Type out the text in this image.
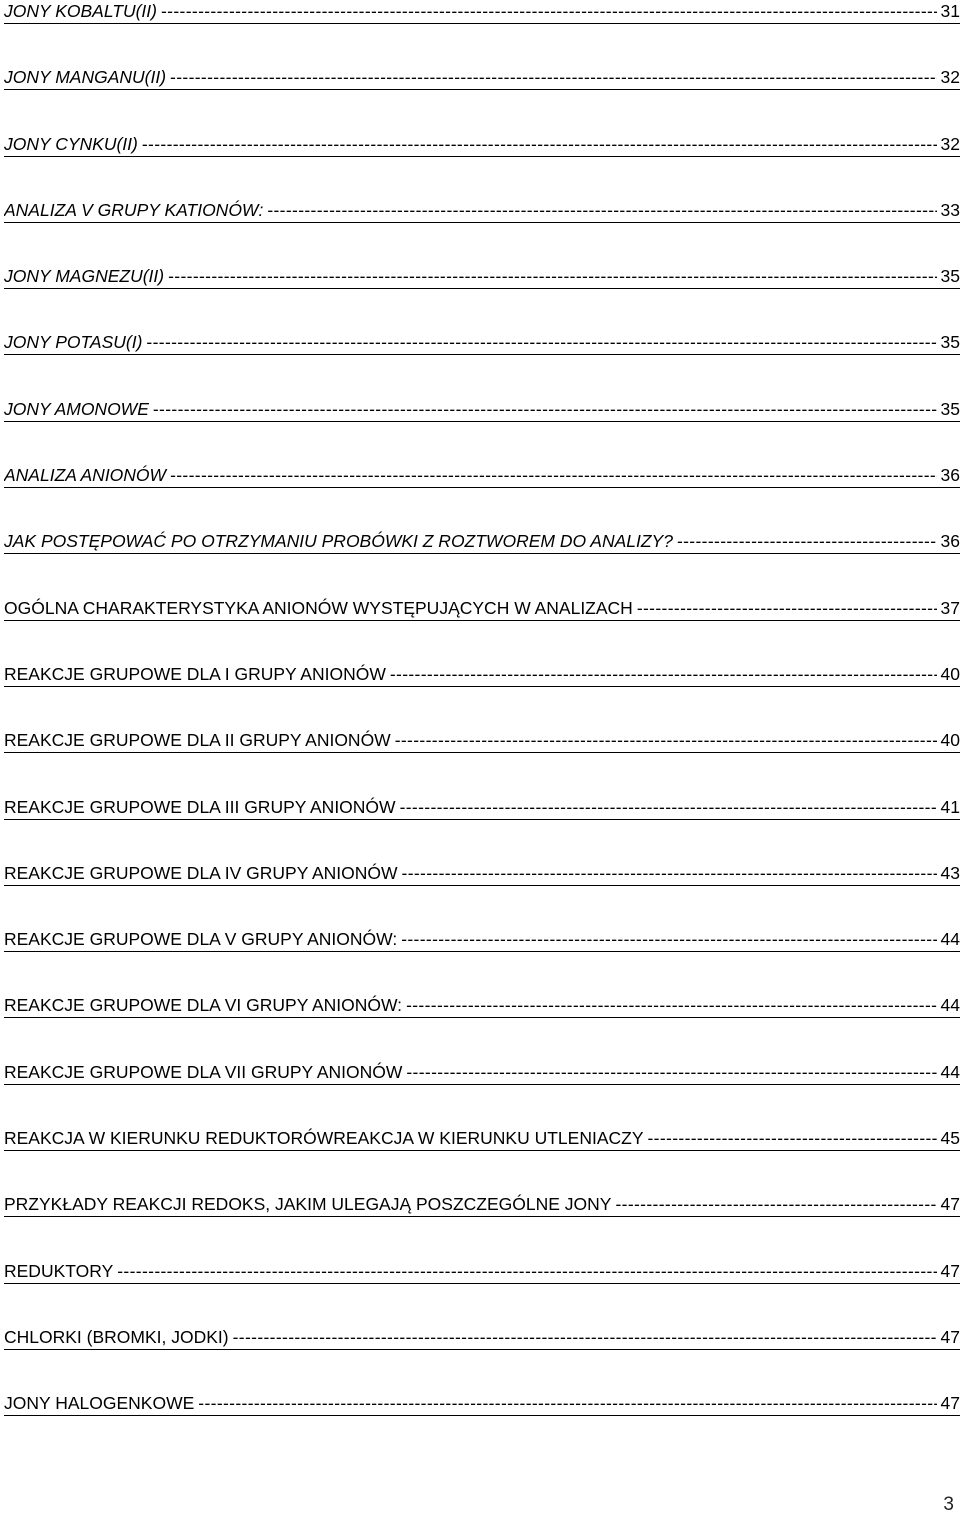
JONY KOBALTU(II) -----	31
JONY MANGANU(II) -----	32
JONY CYNKU(II) -----	32
ANALIZA V GRUPY KATIONÓW: -----	33
JONY MAGNEZU(II) -----	35
JONY POTASU(I) -----	35
JONY AMONOWE -----	35
ANALIZA ANIONÓW -----	36
JAK POSTĘPOWAĆ PO OTRZYMANIU PROBÓWKI Z ROZTWOREM DO ANALIZY? -----	36
OGÓLNA CHARAKTERYSTYKA ANIONÓW WYSTĘPUJĄCYCH W ANALIZACH -----	37
REAKCJE GRUPOWE DLA I GRUPY ANIONÓW -----	40
REAKCJE GRUPOWE DLA II GRUPY ANIONÓW -----	40
REAKCJE GRUPOWE DLA III GRUPY ANIONÓW -----	41
REAKCJE GRUPOWE DLA IV GRUPY ANIONÓW -----	43
REAKCJE GRUPOWE DLA V GRUPY ANIONÓW: -----	44
REAKCJE GRUPOWE DLA VI GRUPY ANIONÓW: -----	44
REAKCJE GRUPOWE DLA VII GRUPY ANIONÓW -----	44
REAKCJA W KIERUNKU REDUKTORÓWREAKCJA W KIERUNKU UTLENIACZY -----	45
PRZYKŁADY REAKCJI REDOKS, JAKIM ULEGAJĄ POSZCZEGÓLNE JONY -----	47
REDUKTORY -----	47
CHLORKI (BROMKI, JODKI) -----	47
JONY HALOGENKOWE -----	47
3
